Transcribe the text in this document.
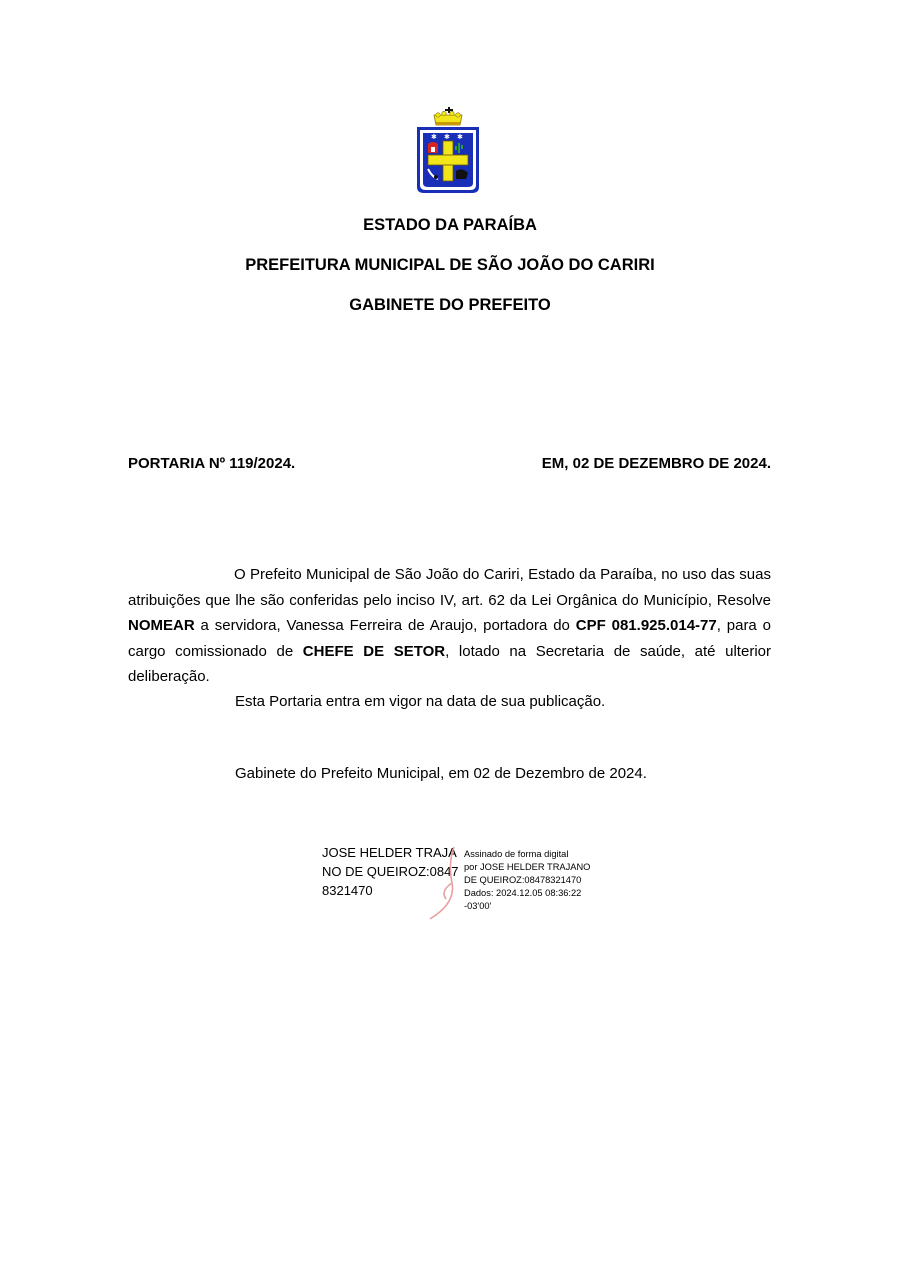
✱ ✱ ✱
ESTADO DA PARAÍBA
PREFEITURA MUNICIPAL DE SÃO JOÃO DO CARIRI
GABINETE DO PREFEITO
PORTARIA Nº 119/2024.	EM, 02 DE DEZEMBRO DE 2024.
O Prefeito Municipal de São João do Cariri, Estado da Paraíba, no uso das suas atribuições que lhe são conferidas pelo inciso IV, art. 62 da Lei Orgânica do Município, Resolve NOMEAR a servidora, Vanessa Ferreira de Araujo, portadora do CPF 081.925.014-77, para o cargo comissionado de CHEFE DE SETOR, lotado na Secretaria de saúde, até ulterior deliberação.
Esta Portaria entra em vigor na data de sua publicação.
Gabinete do Prefeito Municipal, em 02 de Dezembro de 2024.
JOSE HELDER TRAJANO DE QUEIROZ:08478321470
Assinado de forma digital
por JOSE HELDER TRAJANO
DE QUEIROZ:08478321470
Dados: 2024.12.05 08:36:22
-03'00'
